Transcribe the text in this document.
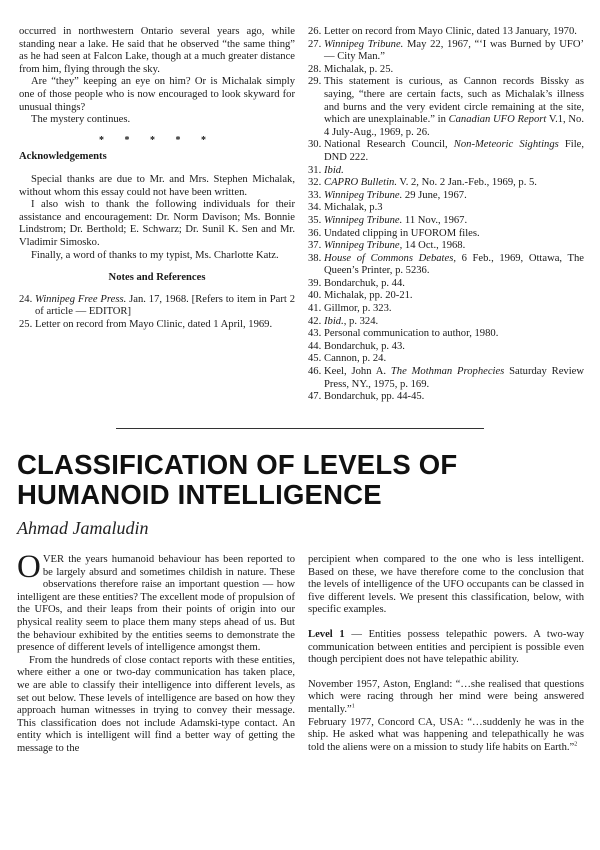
occurred in northwestern Ontario several years ago, while standing near a lake. He said that he observed “the same thing” as he had seen at Falcon Lake, though at a much greater distance from him, flying through the sky.

Are “they” keeping an eye on him? Or is Michalak simply one of those people who is now encouraged to look skyward for unusual things?

The mystery continues.

* * * * *
Acknowledgements

Special thanks are due to Mr. and Mrs. Stephen Michalak, without whom this essay could not have been written.

I also wish to thank the following individuals for their assistance and encouragement: Dr. Norm Davison; Ms. Bonnie Lindstrom; Dr. Berthold; E. Schwarz; Dr. Sunil K. Sen and Mr. Vladimir Simosko.

Finally, a word of thanks to my typist, Ms. Charlotte Katz.

Notes and References
24. Winnipeg Free Press. Jan. 17, 1968. [Refers to item in Part 2 of article — EDITOR]
25. Letter on record from Mayo Clinic, dated 1 April, 1969.
26. Letter on record from Mayo Clinic, dated 13 January, 1970.
27. Winnipeg Tribune. May 22, 1967, “‘I was Burned by UFO’ — City Man.”
28. Michalak, p. 25.
29. This statement is curious, as Cannon records Bissky as saying, “there are certain facts, such as Michalak’s illness and burns and the very evident circle remaining at the site, which are unexplainable.” in Canadian UFO Report V.1, No. 4 July-Aug., 1969, p. 26.
30. National Research Council, Non-Meteoric Sightings File, DND 222.
31. Ibid.
32. CAPRO Bulletin. V. 2, No. 2 Jan.-Feb., 1969, p. 5.
33. Winnipeg Tribune. 29 June, 1967.
34. Michalak, p.3
35. Winnipeg Tribune. 11 Nov., 1967.
36. Undated clipping in UFOROM files.
37. Winnipeg Tribune, 14 Oct., 1968.
38. House of Commons Debates, 6 Feb., 1969, Ottawa, The Queen’s Printer, p. 5236.
39. Bondarchuk, p. 44.
40. Michalak, pp. 20-21.
41. Gillmor, p. 323.
42. Ibid., p. 324.
43. Personal communication to author, 1980.
44. Bondarchuk, p. 43.
45. Cannon, p. 24.
46. Keel, John A. The Mothman Prophecies Saturday Review Press, NY., 1975, p. 169.
47. Bondarchuk, pp. 44-45.
CLASSIFICATION OF LEVELS OF
HUMANOID INTELLIGENCE
Ahmad Jamaludin

OVER the years humanoid behaviour has been reported to be largely absurd and sometimes childish in nature. These observations therefore raise an important question — how intelligent are these entities? The excellent mode of propulsion of the UFOs, and their leaps from their points of origin into our physical reality seem to place them many steps ahead of us. But the behaviour exhibited by the entities seems to demonstrate the presence of different levels of intelligence amongst them.

From the hundreds of close contact reports with these entities, where either a one or two-day communication has taken place, we are able to classify their intelligence into different levels, as set out below. These levels of intelligence are based on how they approach human witnesses in trying to convey their message. This classification does not include Adamski-type contact. An entity which is intelligent will find a better way of getting the message to the

percipient when compared to the one who is less intelligent. Based on these, we have therefore come to the conclusion that the levels of intelligence of the UFO occupants can be classed in five different levels. We present this classification, below, with specific examples.

Level 1 — Entities possess telepathic powers. A two-way communication between entities and percipient is possible even though percipient does not have telepathic ability.

November 1957, Aston, England: “…she realised that questions which were racing through her mind were being answered mentally.”$^1$

February 1977, Concord CA, USA: “…suddenly he was in the ship. He asked what was happening and telepathically he was told the aliens were on a mission to study life habits on Earth.”$^2$
